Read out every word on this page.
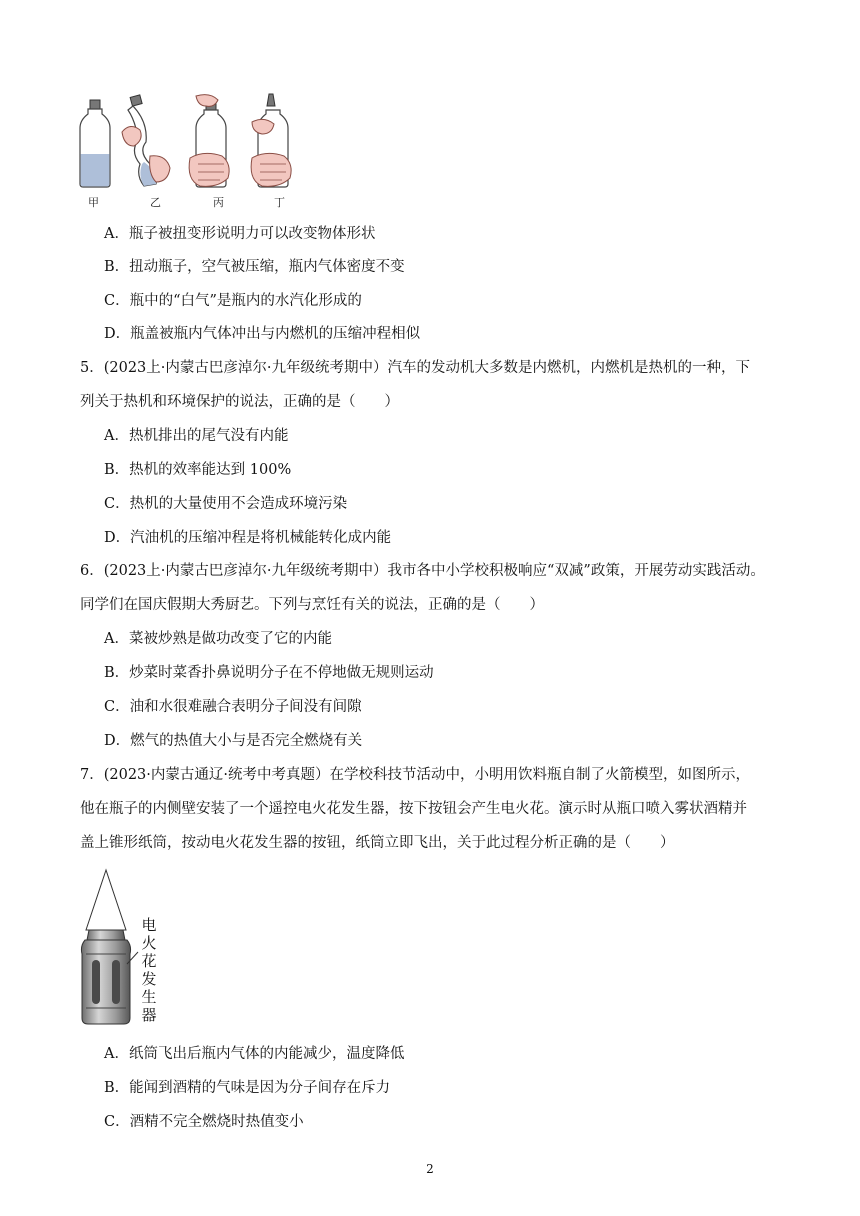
甲	乙	丙	丁
A．瓶子被扭变形说明力可以改变物体形状
B．扭动瓶子，空气被压缩，瓶内气体密度不变
C．瓶中的“白气”是瓶内的水汽化形成的
D．瓶盖被瓶内气体冲出与内燃机的压缩冲程相似
5．(2023上·内蒙古巴彦淖尔·九年级统考期中）汽车的发动机大多数是内燃机，内燃机是热机的一种，下
列关于热机和环境保护的说法，正确的是（　　）
A．热机排出的尾气没有内能
B．热机的效率能达到 100%
C．热机的大量使用不会造成环境污染
D．汽油机的压缩冲程是将机械能转化成内能
6．(2023上·内蒙古巴彦淖尔·九年级统考期中）我市各中小学校积极响应“双减”政策，开展劳动实践活动。
同学们在国庆假期大秀厨艺。下列与烹饪有关的说法，正确的是（　　）
A．菜被炒熟是做功改变了它的内能
B．炒菜时菜香扑鼻说明分子在不停地做无规则运动
C．油和水很难融合表明分子间没有间隙
D．燃气的热值大小与是否完全燃烧有关
7．(2023·内蒙古通辽·统考中考真题）在学校科技节活动中，小明用饮料瓶自制了火箭模型，如图所示，
他在瓶子的内侧壁安装了一个遥控电火花发生器，按下按钮会产生电火花。演示时从瓶口喷入雾状酒精并
盖上锥形纸筒，按动电火花发生器的按钮，纸筒立即飞出，关于此过程分析正确的是（　　）
电火花发生器
A．纸筒飞出后瓶内气体的内能减少，温度降低
B．能闻到酒精的气味是因为分子间存在斥力
C．酒精不完全燃烧时热值变小
2
